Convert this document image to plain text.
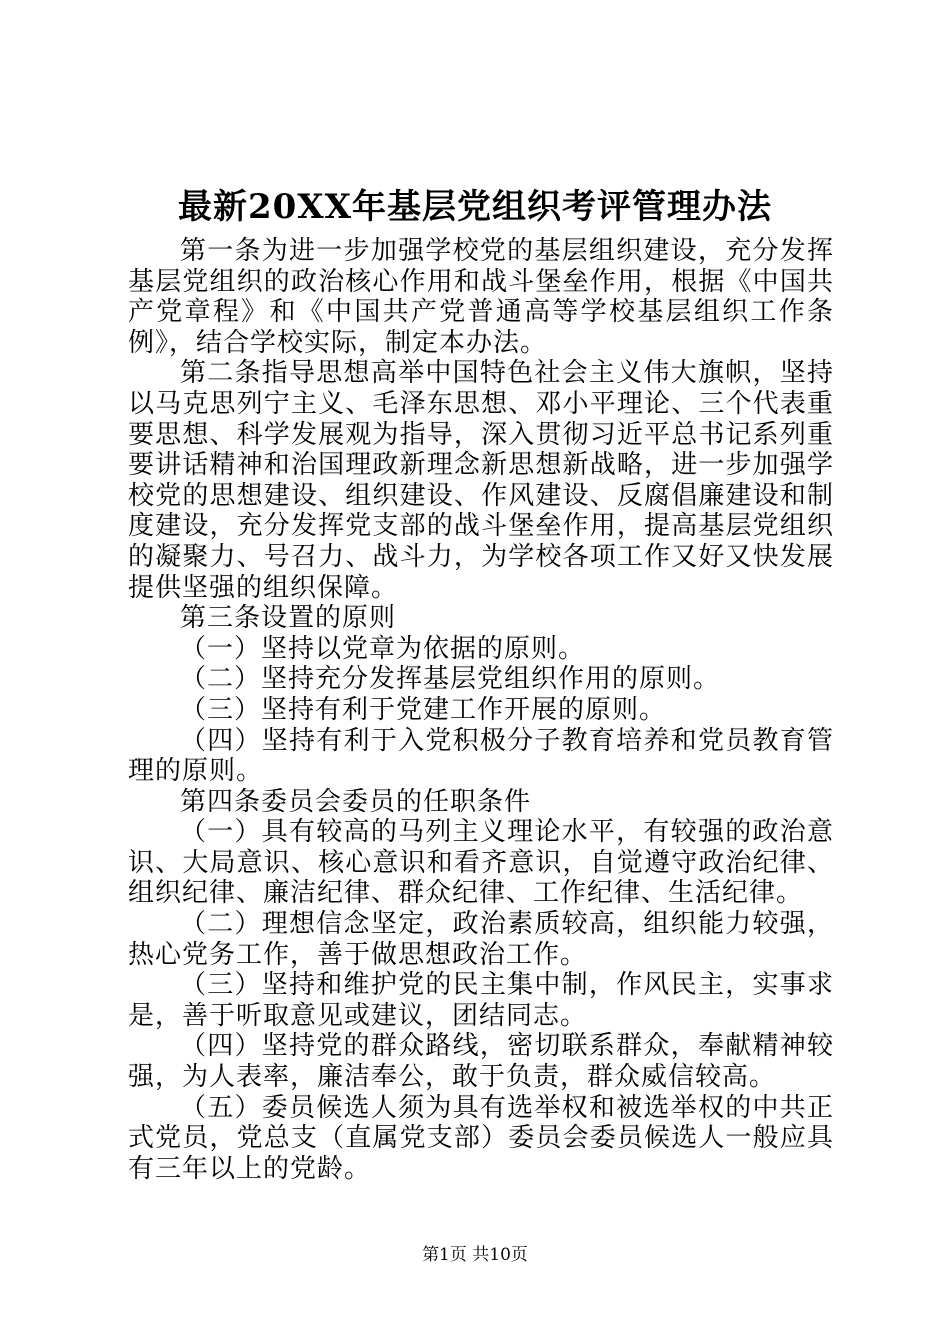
最新20XX年基层党组织考评管理办法

第一条为进一步加强学校党的基层组织建设，充分发挥基层党组织的政治核心作用和战斗堡垒作用，根据《中国共产党章程》和《中国共产党普通高等学校基层组织工作条例》，结合学校实际，制定本办法。

第二条指导思想高举中国特色社会主义伟大旗帜，坚持以马克思列宁主义、毛泽东思想、邓小平理论、三个代表重要思想、科学发展观为指导，深入贯彻习近平总书记系列重要讲话精神和治国理政新理念新思想新战略，进一步加强学校党的思想建设、组织建设、作风建设、反腐倡廉建设和制度建设，充分发挥党支部的战斗堡垒作用，提高基层党组织的凝聚力、号召力、战斗力，为学校各项工作又好又快发展提供坚强的组织保障。

第三条设置的原则

（一）坚持以党章为依据的原则。

（二）坚持充分发挥基层党组织作用的原则。

（三）坚持有利于党建工作开展的原则。

（四）坚持有利于入党积极分子教育培养和党员教育管理的原则。

第四条委员会委员的任职条件

（一）具有较高的马列主义理论水平，有较强的政治意识、大局意识、核心意识和看齐意识，自觉遵守政治纪律、组织纪律、廉洁纪律、群众纪律、工作纪律、生活纪律。

（二）理想信念坚定，政治素质较高，组织能力较强，热心党务工作，善于做思想政治工作。

（三）坚持和维护党的民主集中制，作风民主，实事求是，善于听取意见或建议，团结同志。

（四）坚持党的群众路线，密切联系群众，奉献精神较强，为人表率，廉洁奉公，敢于负责，群众威信较高。

（五）委员候选人须为具有选举权和被选举权的中共正式党员，党总支（直属党支部）委员会委员候选人一般应具有三年以上的党龄。

第1页 共10页
